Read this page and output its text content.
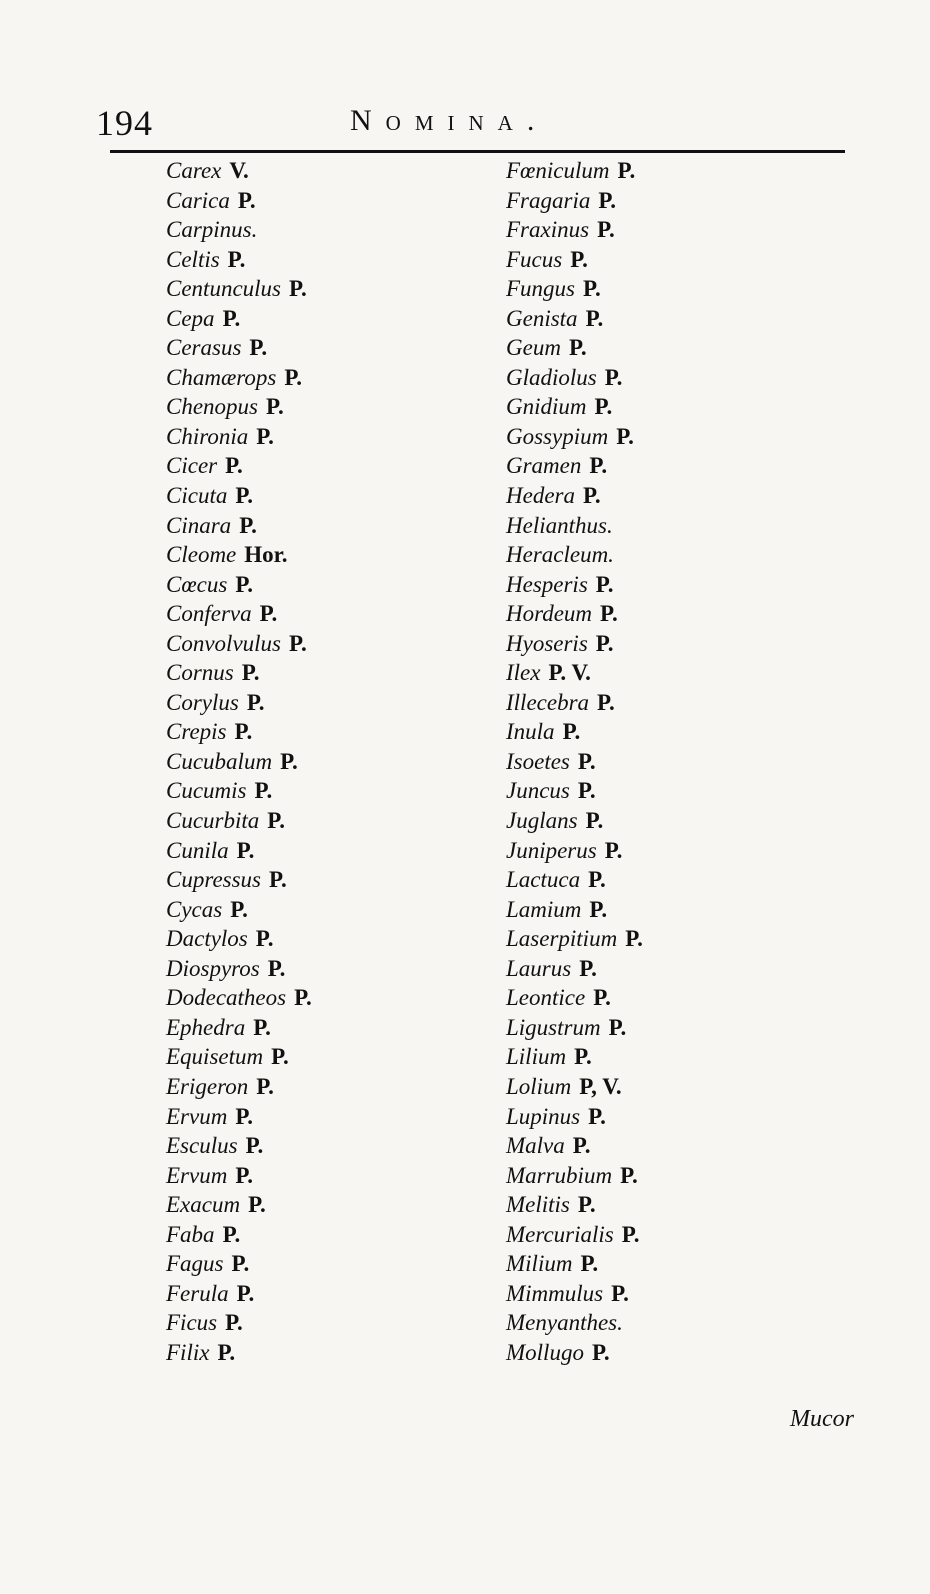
194	Nomina.
Carex V.
Carica P.
Carpinus.
Celtis P.
Centunculus P.
Cepa P.
Cerasus P.
Chamærops P.
Chenopus P.
Chironia P.
Cicer P.
Cicuta P.
Cinara P.
Cleome Hor.
Cœcus P.
Conferva P.
Convolvulus P.
Cornus P.
Corylus P.
Crepis P.
Cucubalum P.
Cucumis P.
Cucurbita P.
Cunila P.
Cupressus P.
Cycas P.
Dactylos P.
Diospyros P.
Dodecatheos P.
Ephedra P.
Equisetum P.
Erigeron P.
Ervum P.
Esculus P.
Ervum P.
Exacum P.
Faba P.
Fagus P.
Ferula P.
Ficus P.
Filix P.
Fœniculum P.
Fragaria P.
Fraxinus P.
Fucus P.
Fungus P.
Genista P.
Geum P.
Gladiolus P.
Gnidium P.
Gossypium P.
Gramen P.
Hedera P.
Helianthus.
Heracleum.
Hesperis P.
Hordeum P.
Hyoseris P.
Ilex P. V.
Illecebra P.
Inula P.
Isoetes P.
Juncus P.
Juglans P.
Juniperus P.
Lactuca P.
Lamium P.
Laserpitium P.
Laurus P.
Leontice P.
Ligustrum P.
Lilium P.
Lolium P, V.
Lupinus P.
Malva P.
Marrubium P.
Melitis P.
Mercurialis P.
Milium P.
Mimmulus P.
Menyanthes.
Mollugo P.
Mucor
